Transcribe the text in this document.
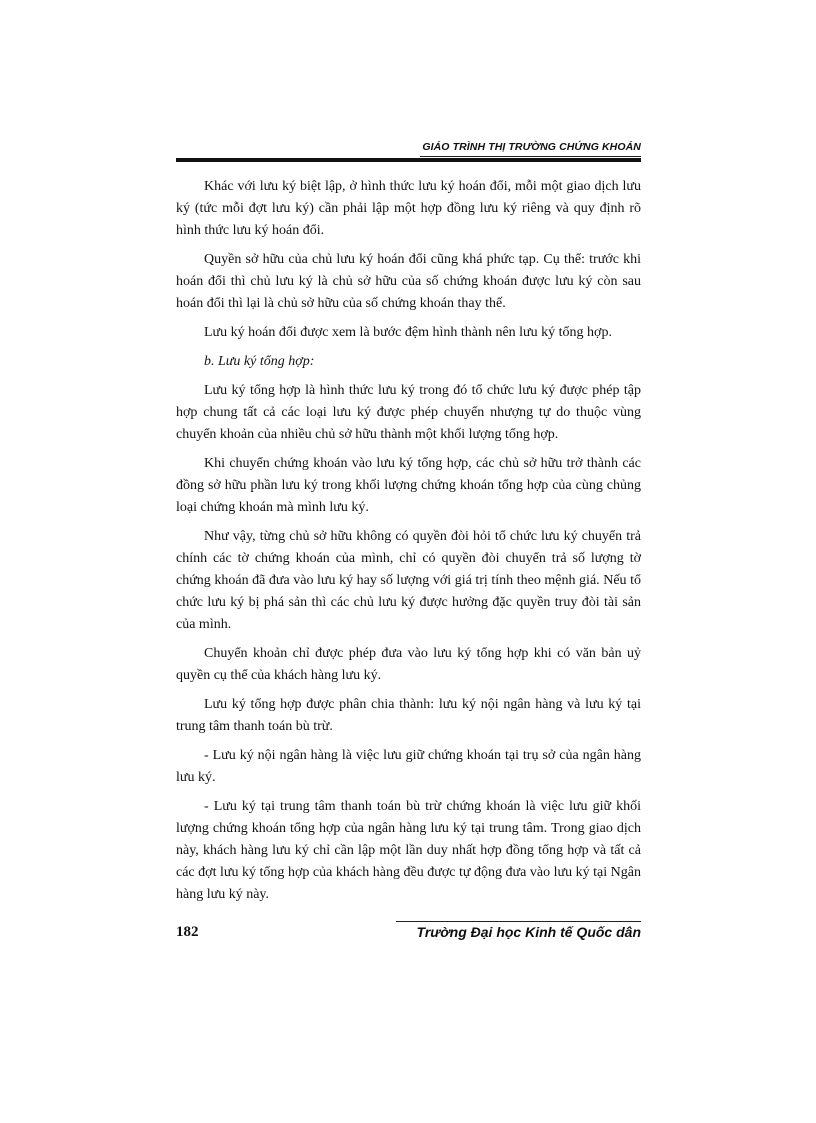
GIÁO TRÌNH THỊ TRƯỜNG CHỨNG KHOÁN

Khác với lưu ký biệt lập, ở hình thức lưu ký hoán đổi, mỗi một giao dịch lưu ký (tức mỗi đợt lưu ký) cần phải lập một hợp đồng lưu ký riêng và quy định rõ hình thức lưu ký hoán đổi.

Quyền sở hữu của chủ lưu ký hoán đổi cũng khá phức tạp. Cụ thể: trước khi hoán đổi thì chủ lưu ký là chủ sở hữu của số chứng khoán được lưu ký còn sau hoán đổi thì lại là chủ sở hữu của số chứng khoán thay thế.

Lưu ký hoán đổi được xem là bước đệm hình thành nên lưu ký tổng hợp.

b. Lưu ký tổng hợp:

Lưu ký tổng hợp là hình thức lưu ký trong đó tổ chức lưu ký được phép tập hợp chung tất cả các loại lưu ký được phép chuyển nhượng tự do thuộc vùng chuyển khoản của nhiều chủ sở hữu thành một khối lượng tổng hợp.

Khi chuyển chứng khoán vào lưu ký tổng hợp, các chủ sở hữu trở thành các đồng sở hữu phần lưu ký trong khối lượng chứng khoán tổng hợp của cùng chủng loại chứng khoán mà mình lưu ký.

Như vậy, từng chủ sở hữu không có quyền đòi hỏi tổ chức lưu ký chuyển trả chính các tờ chứng khoán của mình, chỉ có quyền đòi chuyển trả số lượng tờ chứng khoán đã đưa vào lưu ký hay số lượng với giá trị tính theo mệnh giá. Nếu tổ chức lưu ký bị phá sản thì các chủ lưu ký được hưởng đặc quyền truy đòi tài sản của mình.

Chuyển khoản chỉ được phép đưa vào lưu ký tổng hợp khi có văn bản uỷ quyền cụ thể của khách hàng lưu ký.

Lưu ký tổng hợp được phân chia thành: lưu ký nội ngân hàng và lưu ký tại trung tâm thanh toán bù trừ.

- Lưu ký nội ngân hàng là việc lưu giữ chứng khoán tại trụ sở của ngân hàng lưu ký.

- Lưu ký tại trung tâm thanh toán bù trừ chứng khoán là việc lưu giữ khối lượng chứng khoán tổng hợp của ngân hàng lưu ký tại trung tâm. Trong giao dịch này, khách hàng lưu ký chỉ cần lập một lần duy nhất hợp đồng tổng hợp và tất cả các đợt lưu ký tổng hợp của khách hàng đều được tự động đưa vào lưu ký tại Ngân hàng lưu ký này.

182	Trường Đại học Kinh tế Quốc dân
